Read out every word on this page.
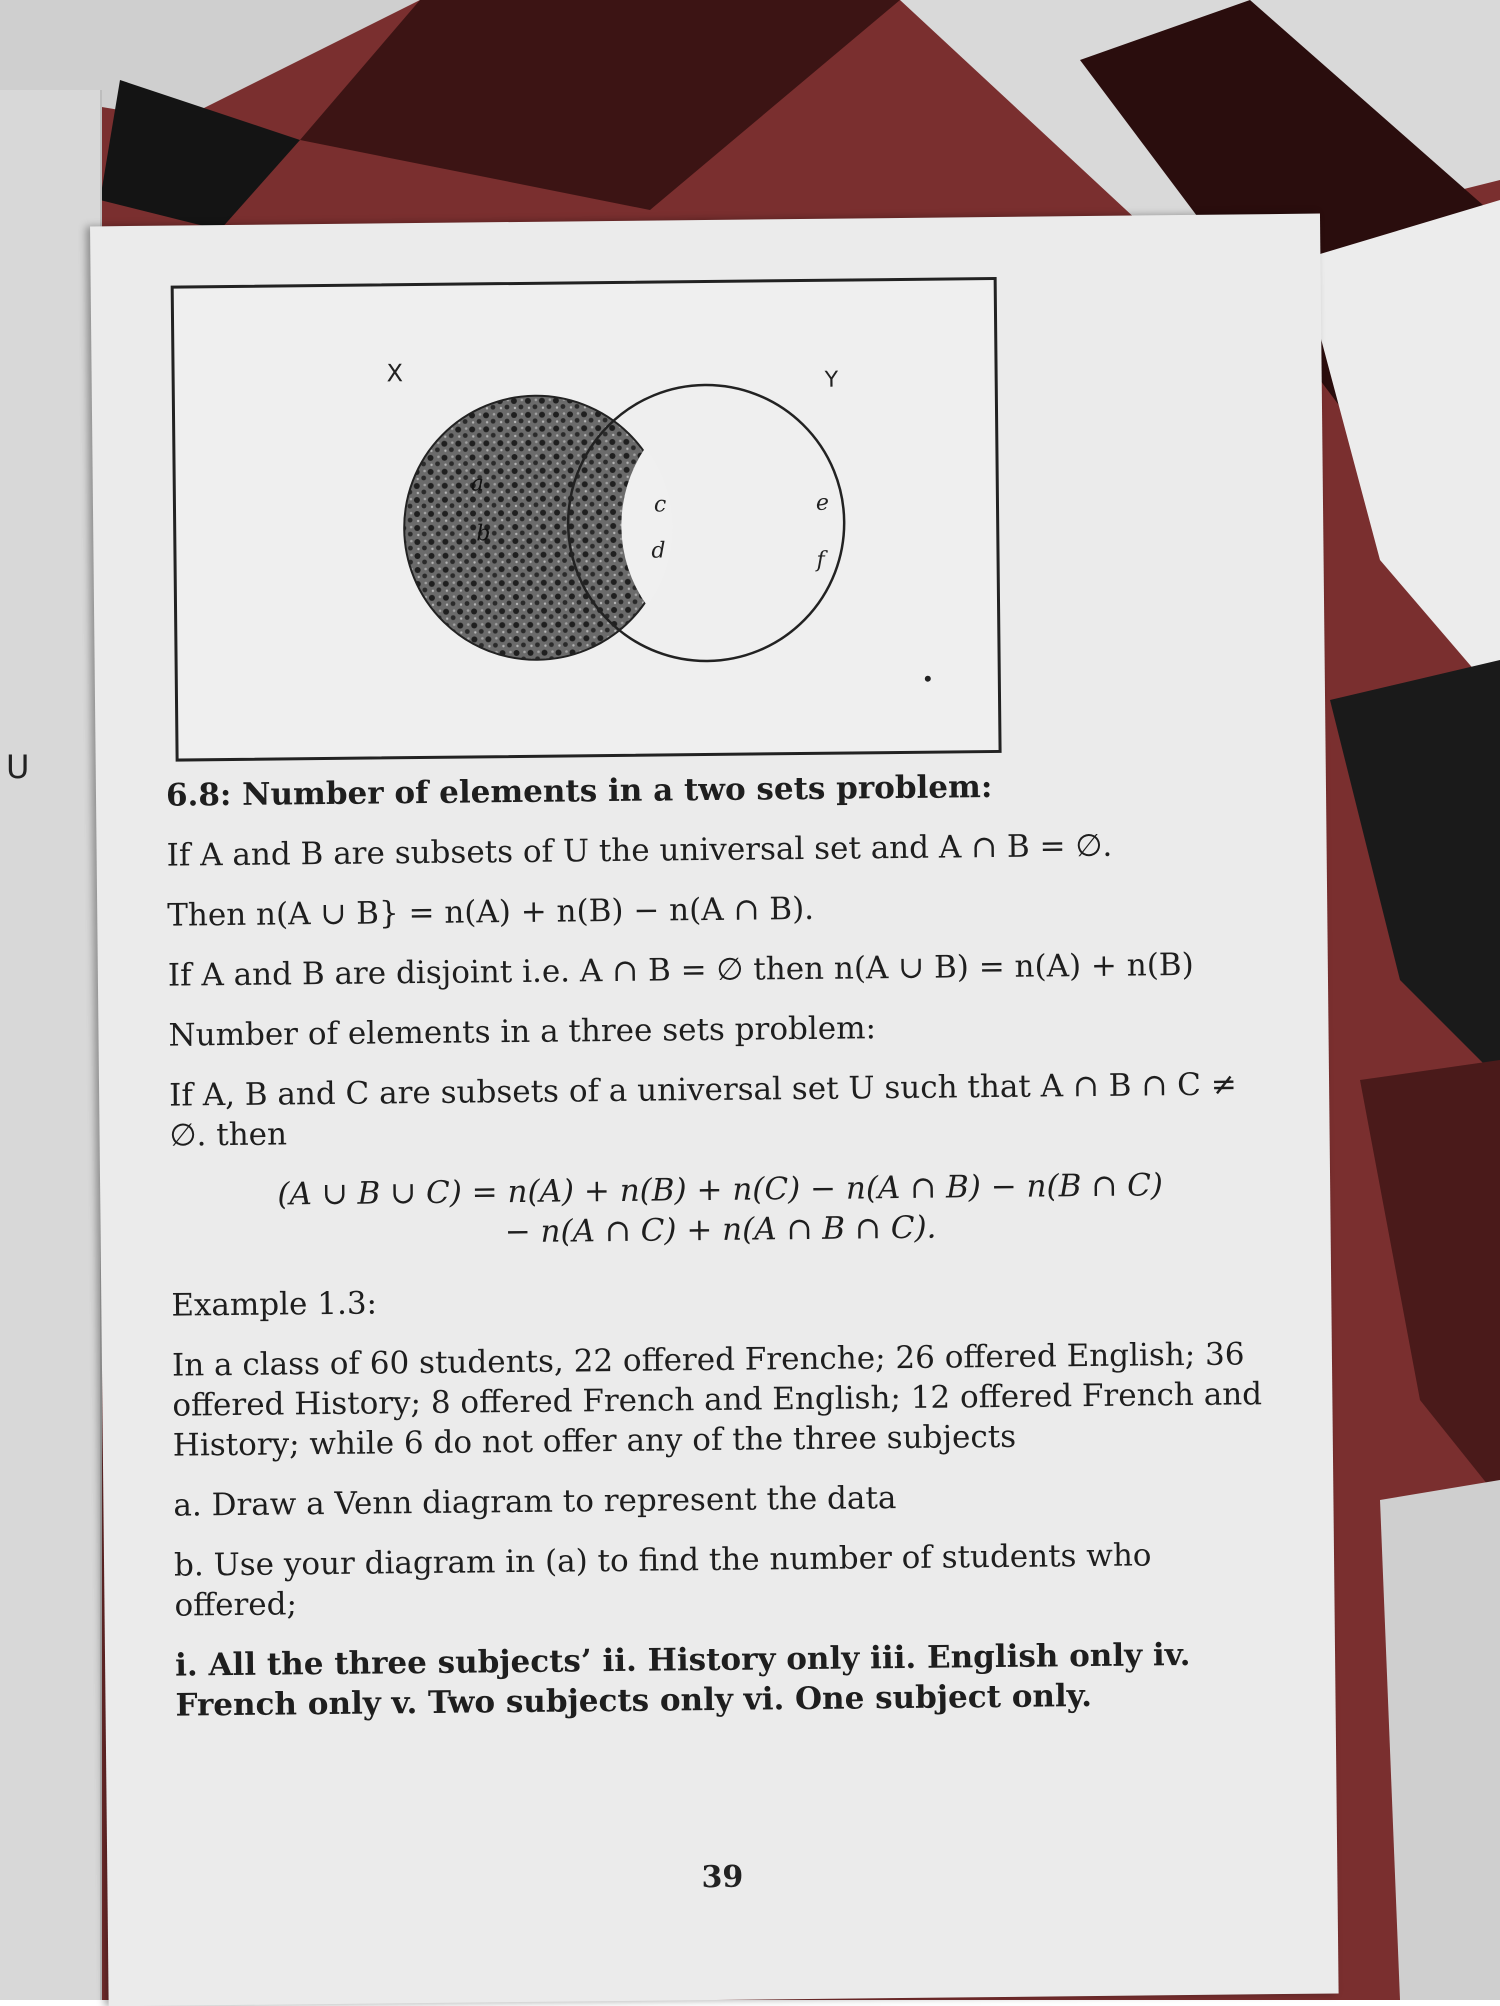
U
X	Y
a
b
c
d
e
f

6.8: Number of elements in a two sets problem:

If A and B are subsets of U the universal set and A ∩ B = ∅.

Then n(A ∪ B} = n(A) + n(B) − n(A ∩ B).

If A and B are disjoint i.e. A ∩ B = ∅ then n(A ∪ B) = n(A) + n(B)

Number of elements in a three sets problem:

If A, B and C are subsets of a universal set U such that A ∩ B ∩ C ≠

∅. then

(A ∪ B ∪ C) = n(A) + n(B) + n(C) − n(A ∩ B) − n(B ∩ C)
− n(A ∩ C) + n(A ∩ B ∩ C).

Example 1.3:

In a class of 60 students, 22 offered Frenche; 26 offered English; 36 offered History; 8 offered French and English; 12 offered French and History; while 6 do not offer any of the three subjects

a. Draw a Venn diagram to represent the data

b. Use your diagram in (a) to find the number of students who offered;

i. All the three subjects’ ii. History only iii. English only iv. French only v. Two subjects only vi. One subject only.

39
